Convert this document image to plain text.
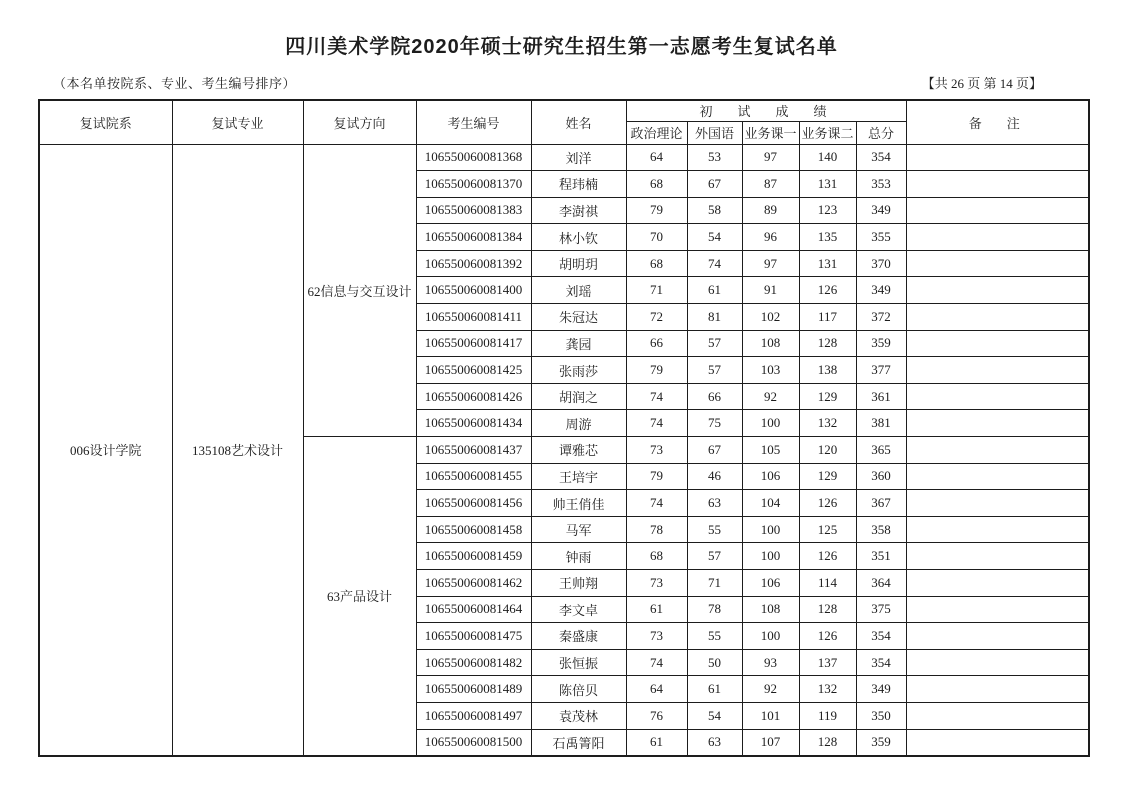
四川美术学院2020年硕士研究生招生第一志愿考生复试名单
（本名单按院系、专业、考生编号排序）	【共 26 页 第 14 页】
复试院系	复试专业	复试方向	考生编号	姓名	初　试　成　绩					备　注
					政治理论	外国语	业务课一	业务课二	总分	
006设计学院	135108艺术设计	62信息与交互设计	106550060081368	刘洋	64	53	97	140	354	
			106550060081370	程玮楠	68	67	87	131	353	
			106550060081383	李澍祺	79	58	89	123	349	
			106550060081384	林小钦	70	54	96	135	355	
			106550060081392	胡明玥	68	74	97	131	370	
			106550060081400	刘瑶	71	61	91	126	349	
			106550060081411	朱冠达	72	81	102	117	372	
			106550060081417	龚园	66	57	108	128	359	
			106550060081425	张雨莎	79	57	103	138	377	
			106550060081426	胡润之	74	66	92	129	361	
			106550060081434	周游	74	75	100	132	381	
		63产品设计	106550060081437	谭雅芯	73	67	105	120	365	
			106550060081455	王培宇	79	46	106	129	360	
			106550060081456	帅王俏佳	74	63	104	126	367	
			106550060081458	马军	78	55	100	125	358	
			106550060081459	钟雨	68	57	100	126	351	
			106550060081462	王帅翔	73	71	106	114	364	
			106550060081464	李文卓	61	78	108	128	375	
			106550060081475	秦盛康	73	55	100	126	354	
			106550060081482	张恒振	74	50	93	137	354	
			106550060081489	陈倍贝	64	61	92	132	349	
			106550060081497	袁茂林	76	54	101	119	350	
			106550060081500	石禹箐阳	61	63	107	128	359	
